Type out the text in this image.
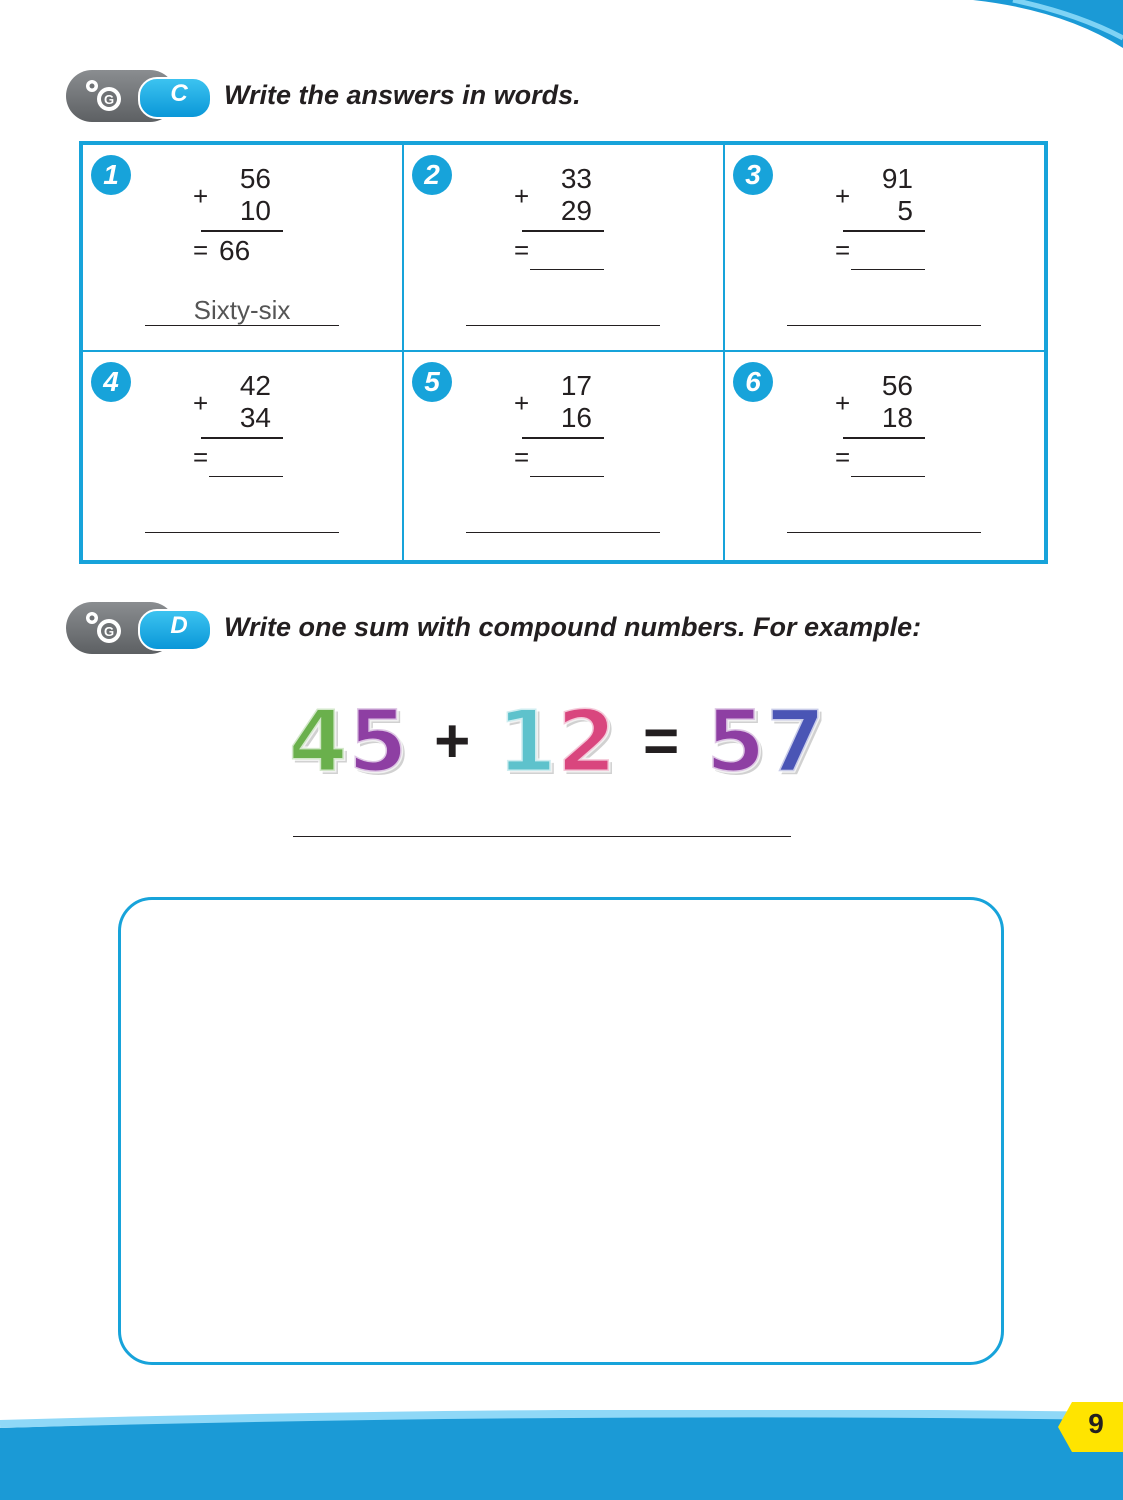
G C Write the answers in words.
1
+
56
10
= 66
Sixty-six
2
+
33
29
=
3
+
91
5
=
4
+
42
34
=
5
+
17
16
=
6
+
56
18
=
G D Write one sum with compound numbers. For example:
45 + 12 = 57
9
